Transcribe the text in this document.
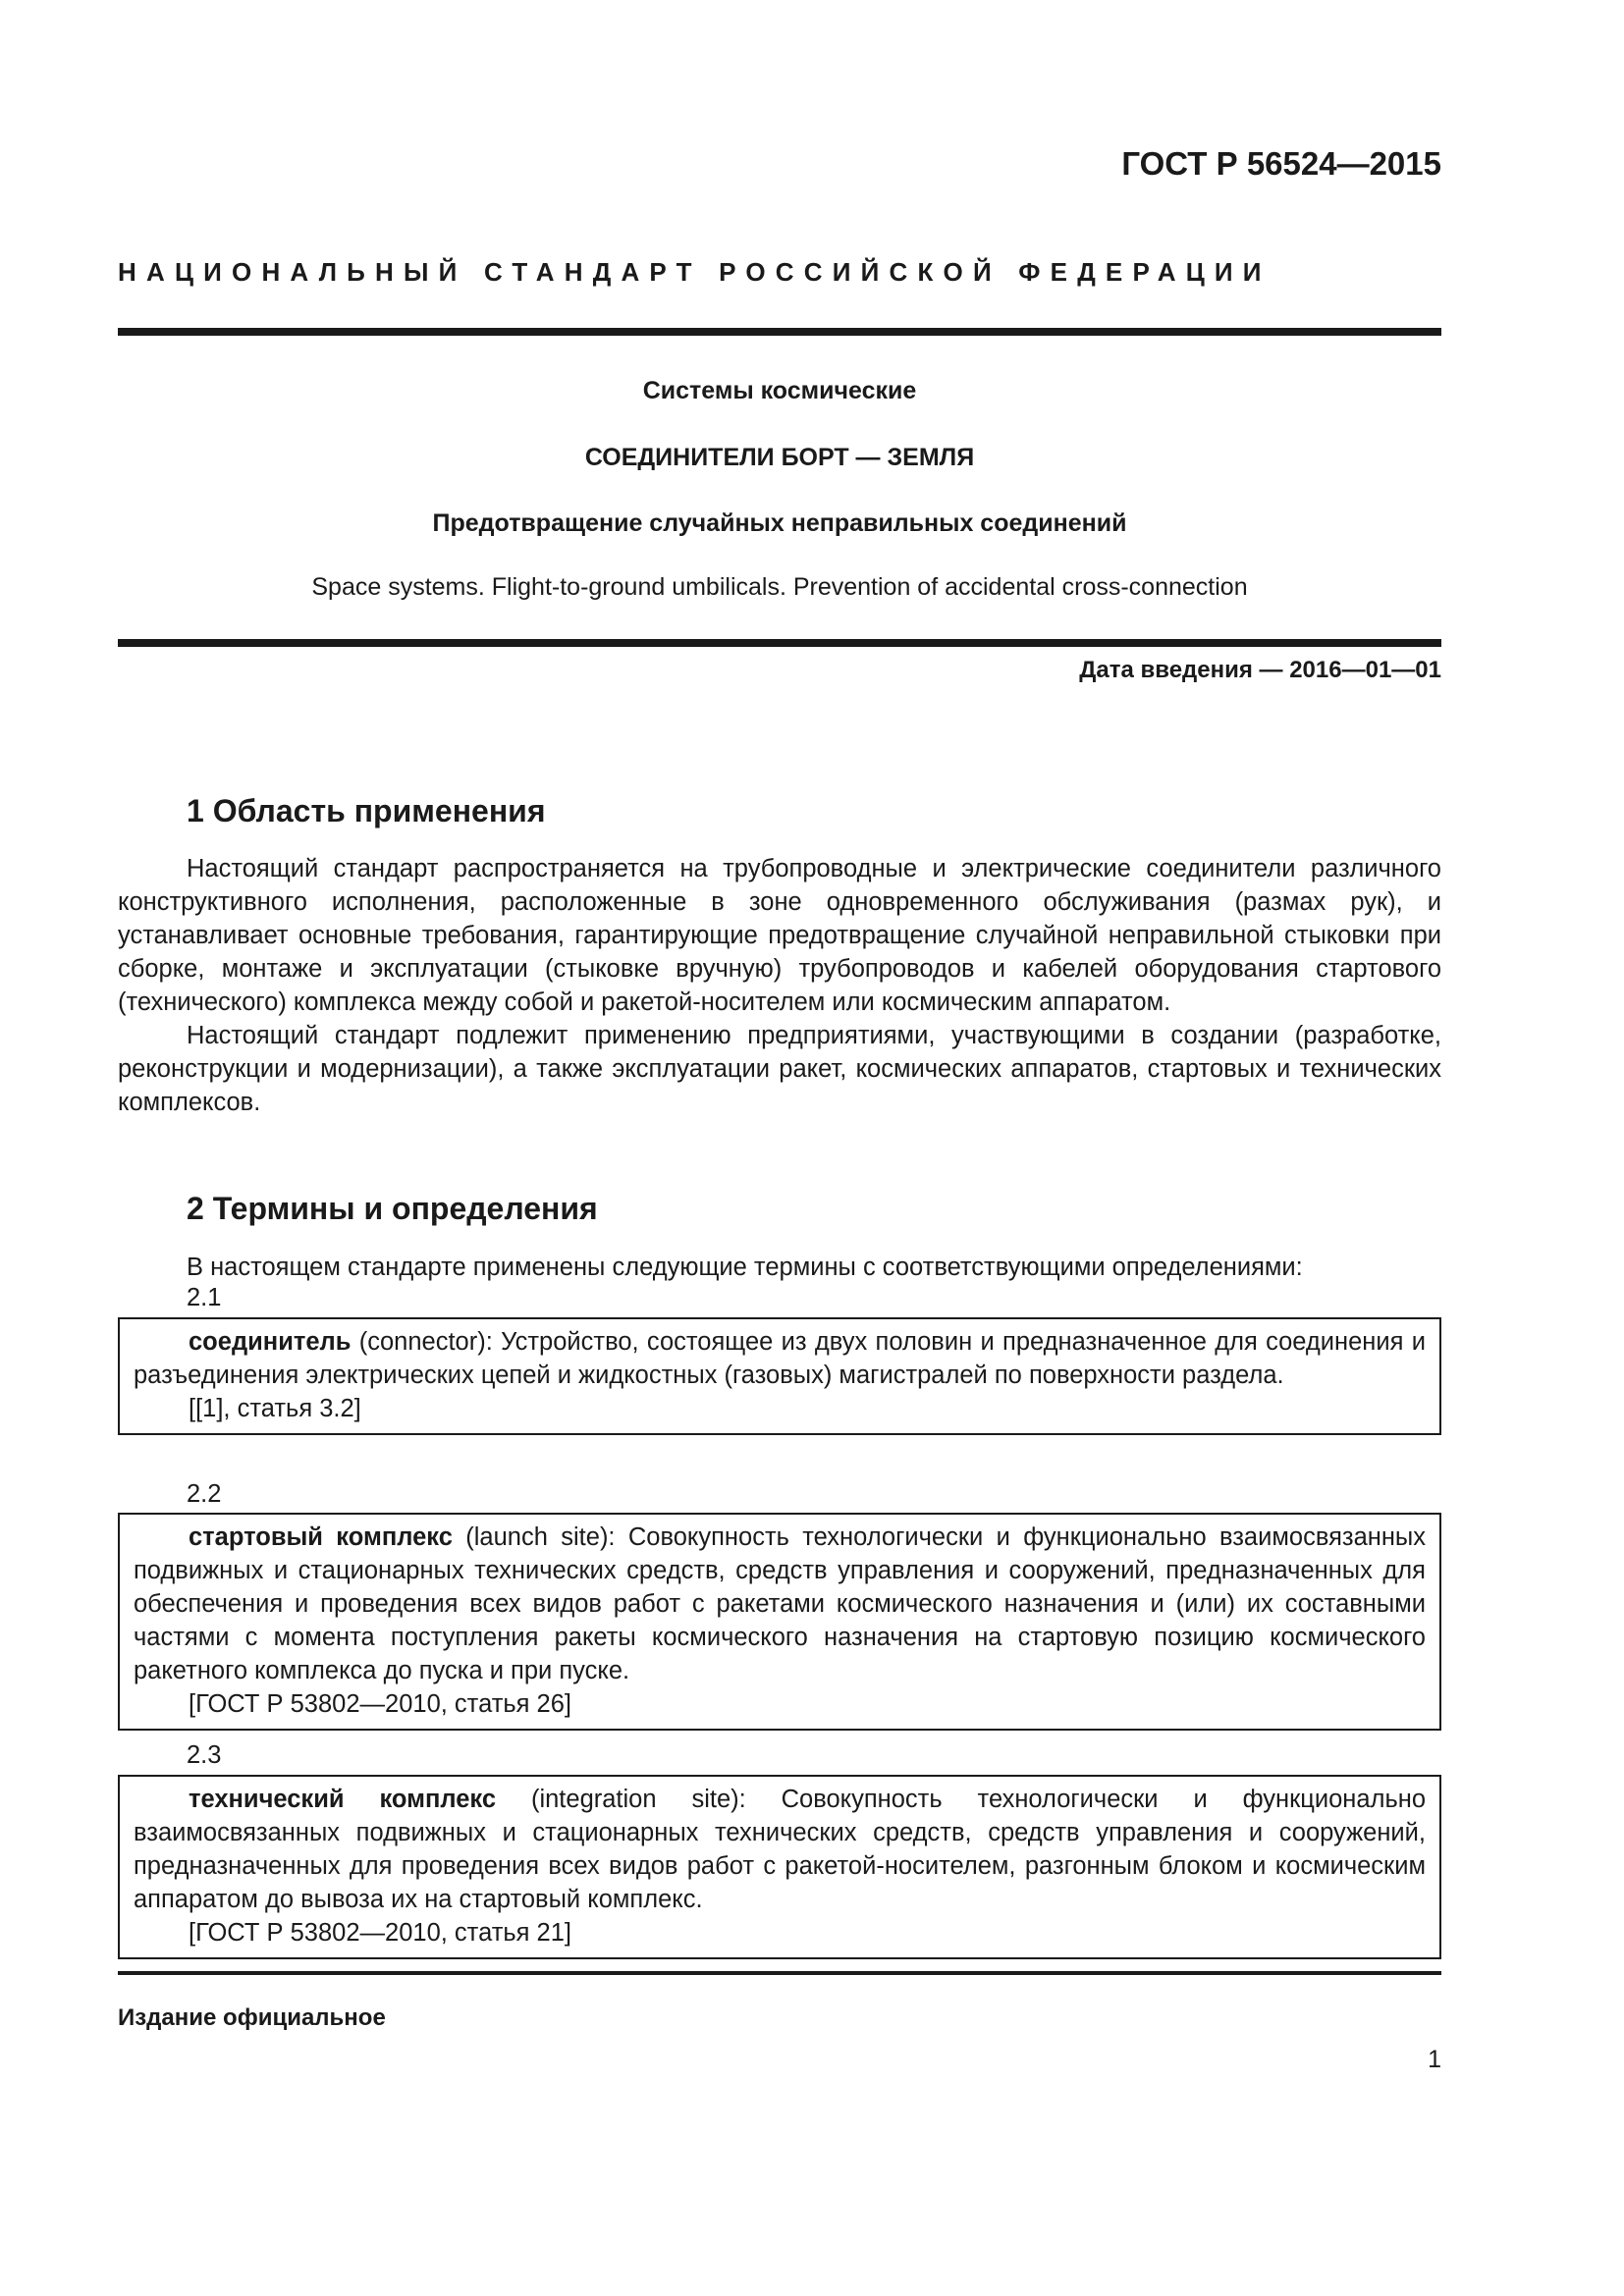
ГОСТ Р 56524—2015
НАЦИОНАЛЬНЫЙ СТАНДАРТ РОССИЙСКОЙ ФЕДЕРАЦИИ
Системы космические
СОЕДИНИТЕЛИ БОРТ — ЗЕМЛЯ
Предотвращение случайных неправильных соединений
Space systems. Flight-to-ground umbilicals. Prevention of accidental cross-connection
Дата введения — 2016—01—01
1 Область применения

Настоящий стандарт распространяется на трубопроводные и электрические соединители различного конструктивного исполнения, расположенные в зоне одновременного обслуживания (размах рук), и устанавливает основные требования, гарантирующие предотвращение случайной неправильной стыковки при сборке, монтаже и эксплуатации (стыковке вручную) трубопроводов и кабелей оборудования стартового (технического) комплекса между собой и ракетой-носителем или космическим аппаратом.

Настоящий стандарт подлежит применению предприятиями, участвующими в создании (разработке, реконструкции и модернизации), а также эксплуатации ракет, космических аппаратов, стартовых и технических комплексов.

2 Термины и определения
В настоящем стандарте применены следующие термины с соответствующими определениями:
2.1

соединитель (connector): Устройство, состоящее из двух половин и предназначенное для соединения и разъединения электрических цепей и жидкостных (газовых) магистралей по поверхности раздела.

[[1], статья 3.2]

2.2

стартовый комплекс (launch site): Совокупность технологически и функционально взаимосвязанных подвижных и стационарных технических средств, средств управления и сооружений, предназначенных для обеспечения и проведения всех видов работ с ракетами космического назначения и (или) их составными частями с момента поступления ракеты космического назначения на стартовую позицию космического ракетного комплекса до пуска и при пуске.

[ГОСТ Р 53802—2010, статья 26]

2.3

технический комплекс (integration site): Совокупность технологически и функционально взаимосвязанных подвижных и стационарных технических средств, средств управления и сооружений, предназначенных для проведения всех видов работ с ракетой-носителем, разгонным блоком и космическим аппаратом до вывоза их на стартовый комплекс.

[ГОСТ Р 53802—2010, статья 21]

Издание официальное
1
